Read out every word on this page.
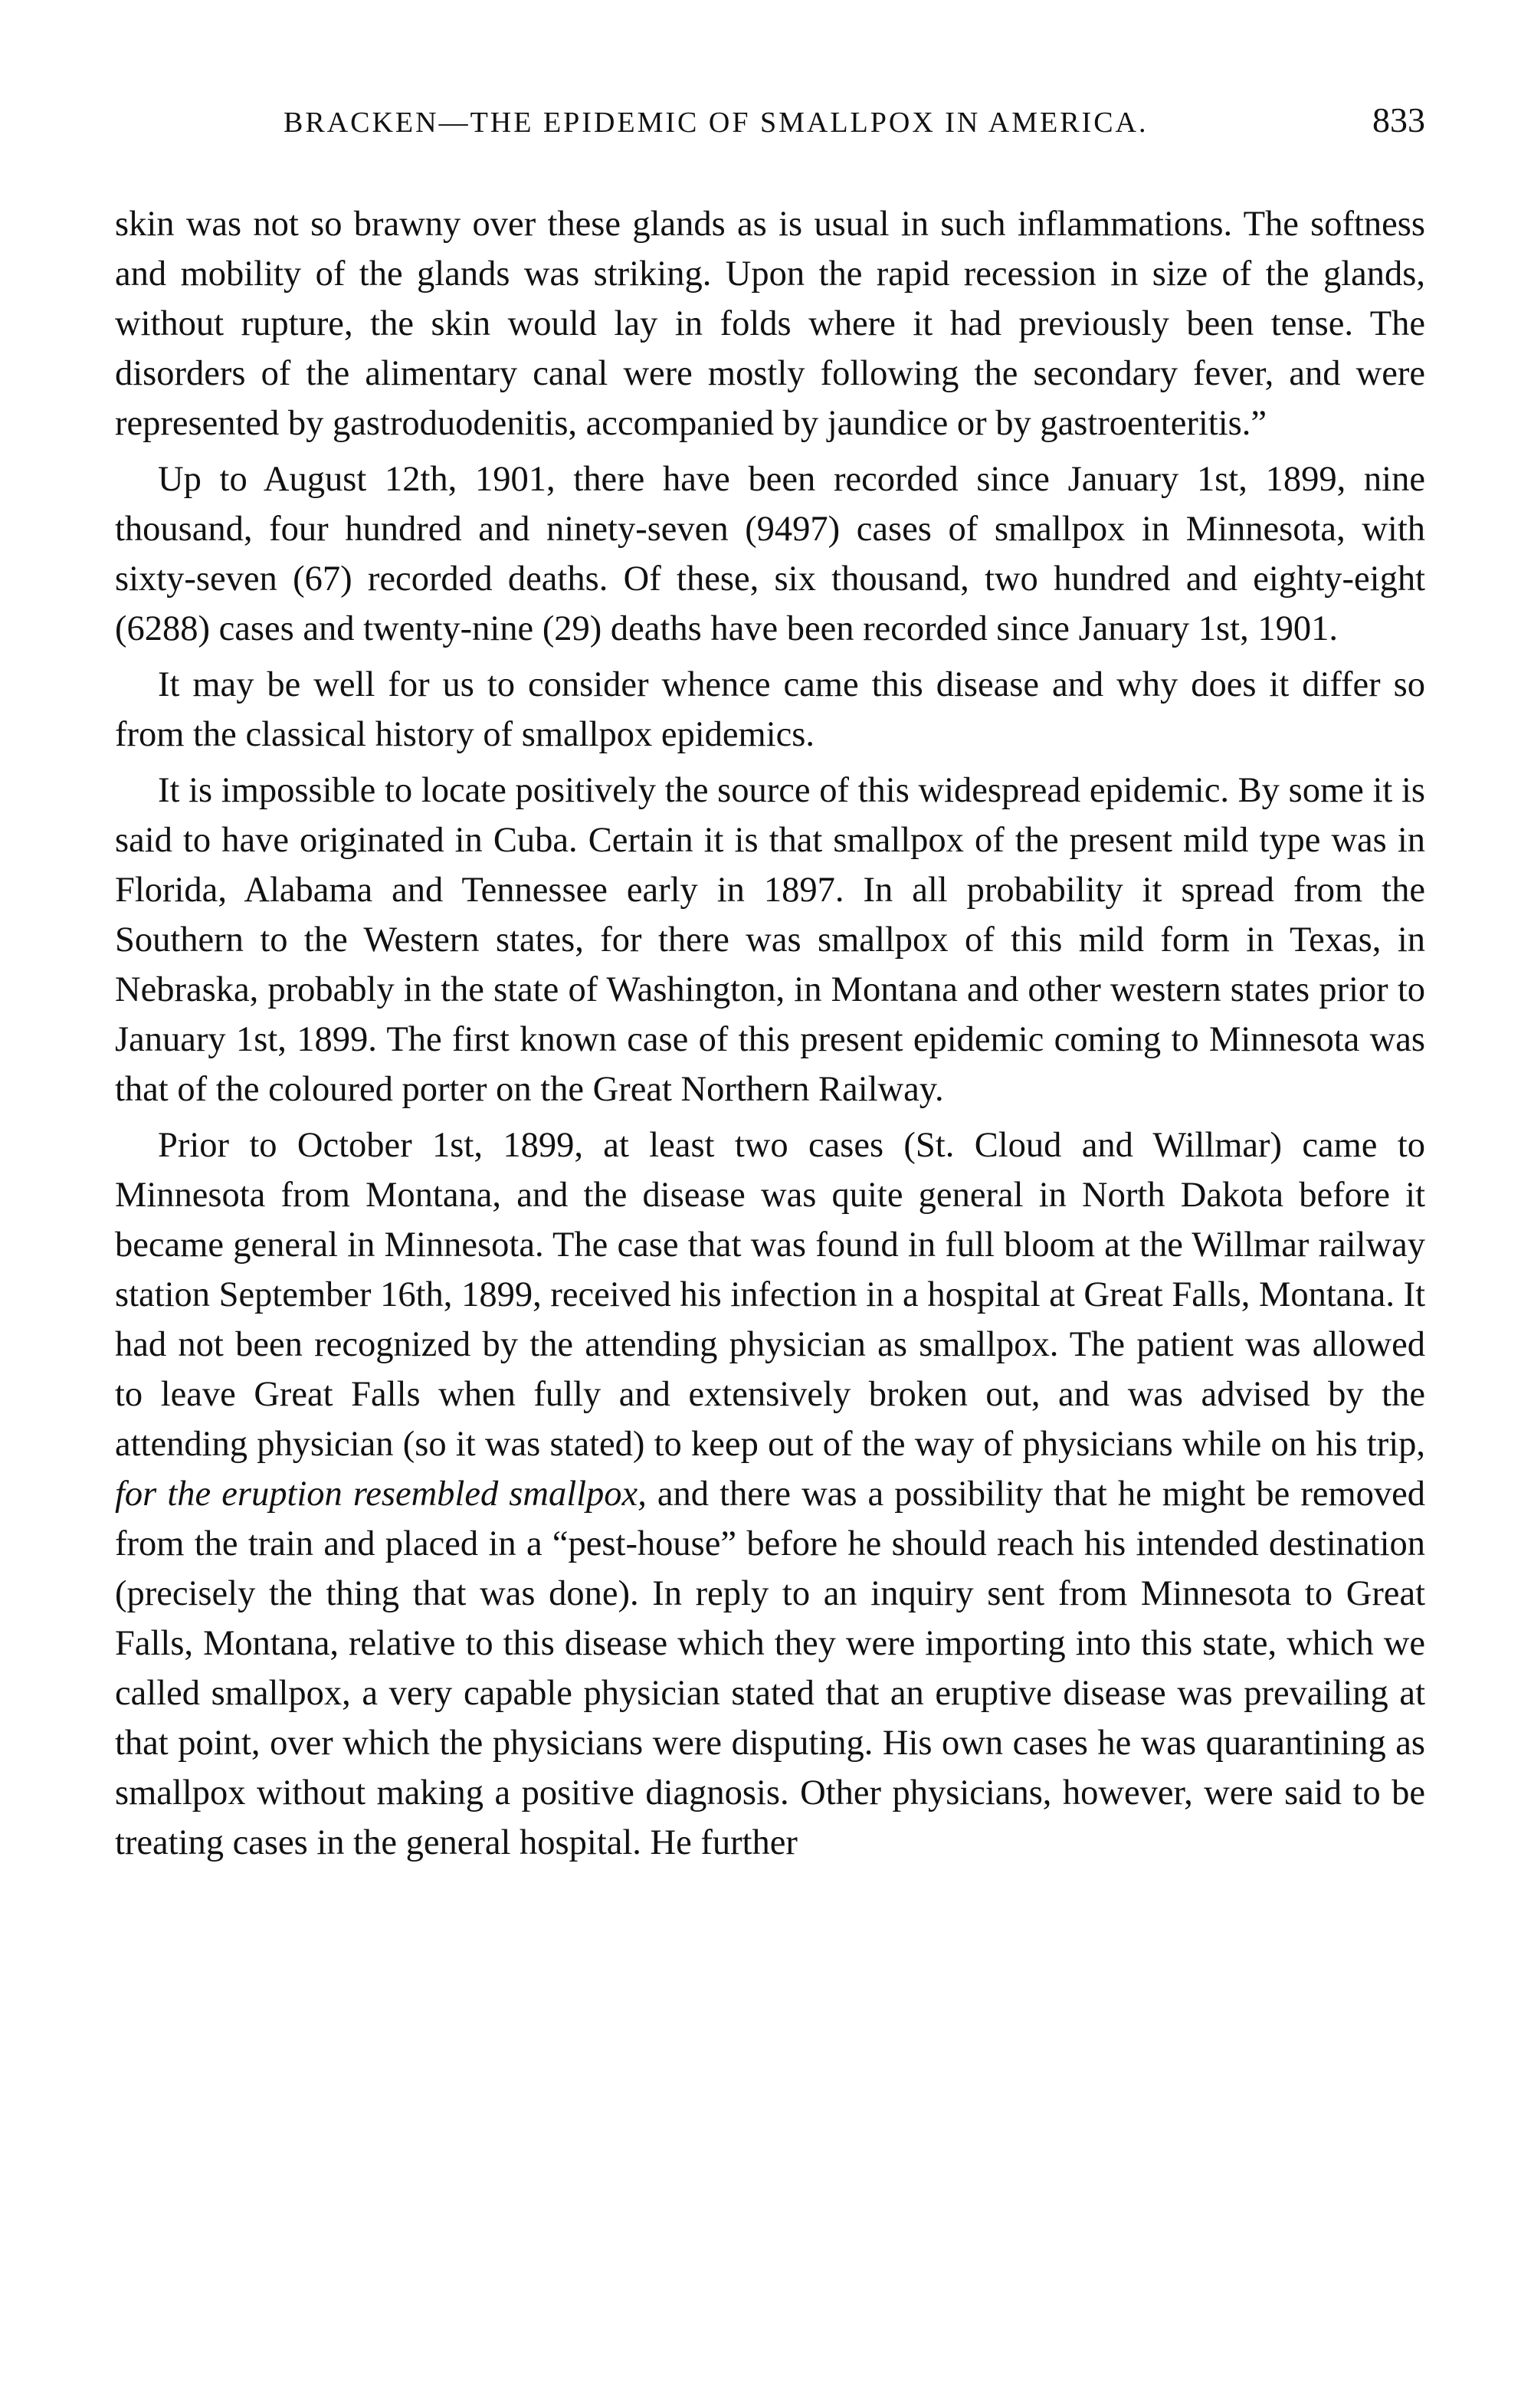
BRACKEN—THE EPIDEMIC OF SMALLPOX IN AMERICA.	833

skin was not so brawny over these glands as is usual in such inflammations. The softness and mobility of the glands was striking. Upon the rapid recession in size of the glands, without rupture, the skin would lay in folds where it had previously been tense. The disorders of the alimentary canal were mostly following the secondary fever, and were represented by gastroduodenitis, accompanied by jaundice or by gastroenteritis.”

Up to August 12th, 1901, there have been recorded since January 1st, 1899, nine thousand, four hundred and ninety-seven (9497) cases of smallpox in Minnesota, with sixty-seven (67) recorded deaths. Of these, six thousand, two hundred and eighty-eight (6288) cases and twenty-nine (29) deaths have been recorded since January 1st, 1901.

It may be well for us to consider whence came this disease and why does it differ so from the classical history of smallpox epidemics.

It is impossible to locate positively the source of this widespread epidemic. By some it is said to have originated in Cuba. Certain it is that smallpox of the present mild type was in Florida, Alabama and Tennessee early in 1897. In all probability it spread from the Southern to the Western states, for there was smallpox of this mild form in Texas, in Nebraska, probably in the state of Washington, in Montana and other western states prior to January 1st, 1899. The first known case of this present epidemic coming to Minnesota was that of the coloured porter on the Great Northern Railway.

Prior to October 1st, 1899, at least two cases (St. Cloud and Willmar) came to Minnesota from Montana, and the disease was quite general in North Dakota before it became general in Minnesota. The case that was found in full bloom at the Willmar railway station September 16th, 1899, received his infection in a hospital at Great Falls, Montana. It had not been recognized by the attending physician as smallpox. The patient was allowed to leave Great Falls when fully and extensively broken out, and was advised by the attending physician (so it was stated) to keep out of the way of physicians while on his trip, for the eruption resembled smallpox, and there was a possibility that he might be removed from the train and placed in a “pest-house” before he should reach his intended destination (precisely the thing that was done). In reply to an inquiry sent from Minnesota to Great Falls, Montana, relative to this disease which they were importing into this state, which we called smallpox, a very capable physician stated that an eruptive disease was prevailing at that point, over which the physicians were disputing. His own cases he was quarantining as smallpox without making a positive diagnosis. Other physicians, however, were said to be treating cases in the general hospital. He further
